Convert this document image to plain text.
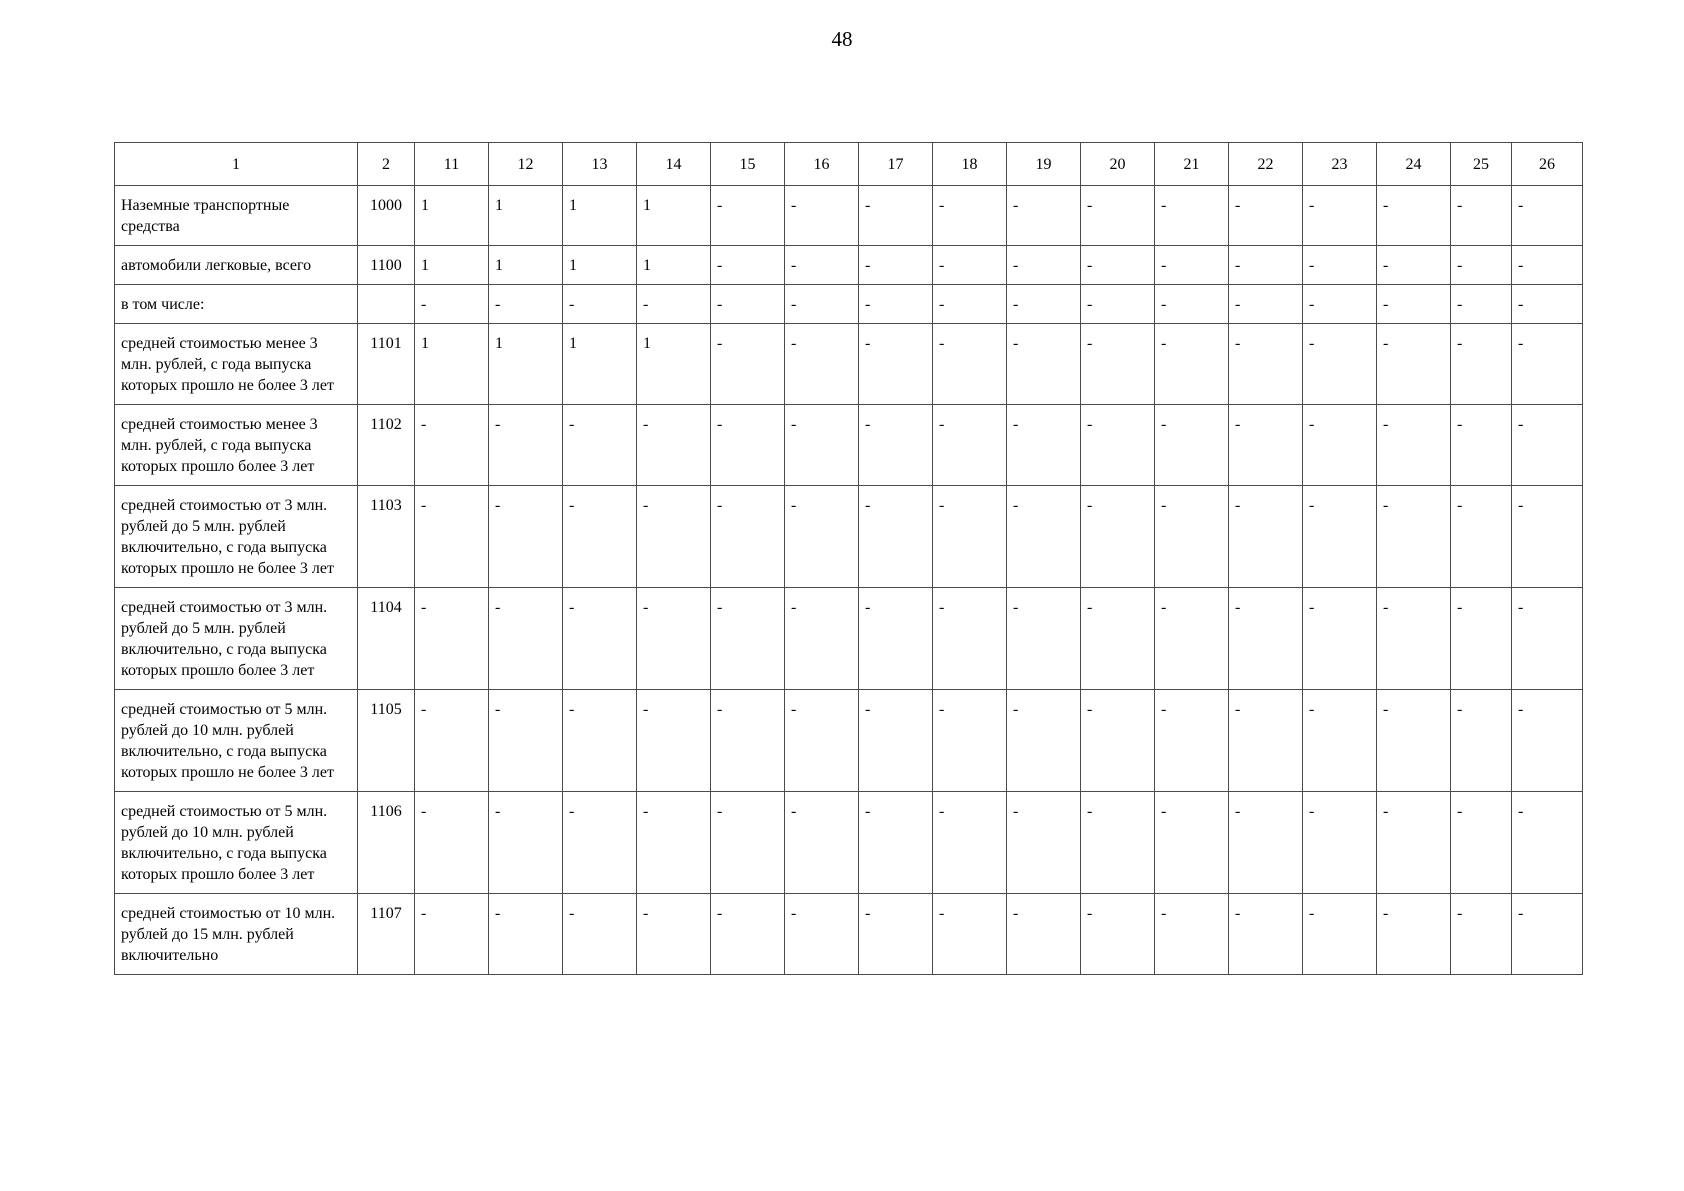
48
1	2	11	12	13	14	15	16	17	18	19	20	21	22	23	24	25	26
Наземные транспортные средства	1000	1	1	1	1	-	-	-	-	-	-	-	-	-	-	-	-
автомобили легковые, всего	1100	1	1	1	1	-	-	-	-	-	-	-	-	-	-	-	-
в том числе:		-	-	-	-	-	-	-	-	-	-	-	-	-	-	-	-
средней стоимостью менее 3 млн. рублей, с года выпуска которых прошло не более 3 лет	1101	1	1	1	1	-	-	-	-	-	-	-	-	-	-	-	-
средней стоимостью менее 3 млн. рублей, с года выпуска которых прошло более 3 лет	1102	-	-	-	-	-	-	-	-	-	-	-	-	-	-	-	-
средней стоимостью от 3 млн. рублей до 5 млн. рублей включительно, с года выпуска которых прошло не более 3 лет	1103	-	-	-	-	-	-	-	-	-	-	-	-	-	-	-	-
средней стоимостью от 3 млн. рублей до 5 млн. рублей включительно, с года выпуска которых прошло более 3 лет	1104	-	-	-	-	-	-	-	-	-	-	-	-	-	-	-	-
средней стоимостью от 5 млн. рублей до 10 млн. рублей включительно, с года выпуска которых прошло не более 3 лет	1105	-	-	-	-	-	-	-	-	-	-	-	-	-	-	-	-
средней стоимостью от 5 млн. рублей до 10 млн. рублей включительно, с года выпуска которых прошло более 3 лет	1106	-	-	-	-	-	-	-	-	-	-	-	-	-	-	-	-
средней стоимостью от 10 млн. рублей до 15 млн. рублей включительно	1107	-	-	-	-	-	-	-	-	-	-	-	-	-	-	-	-
